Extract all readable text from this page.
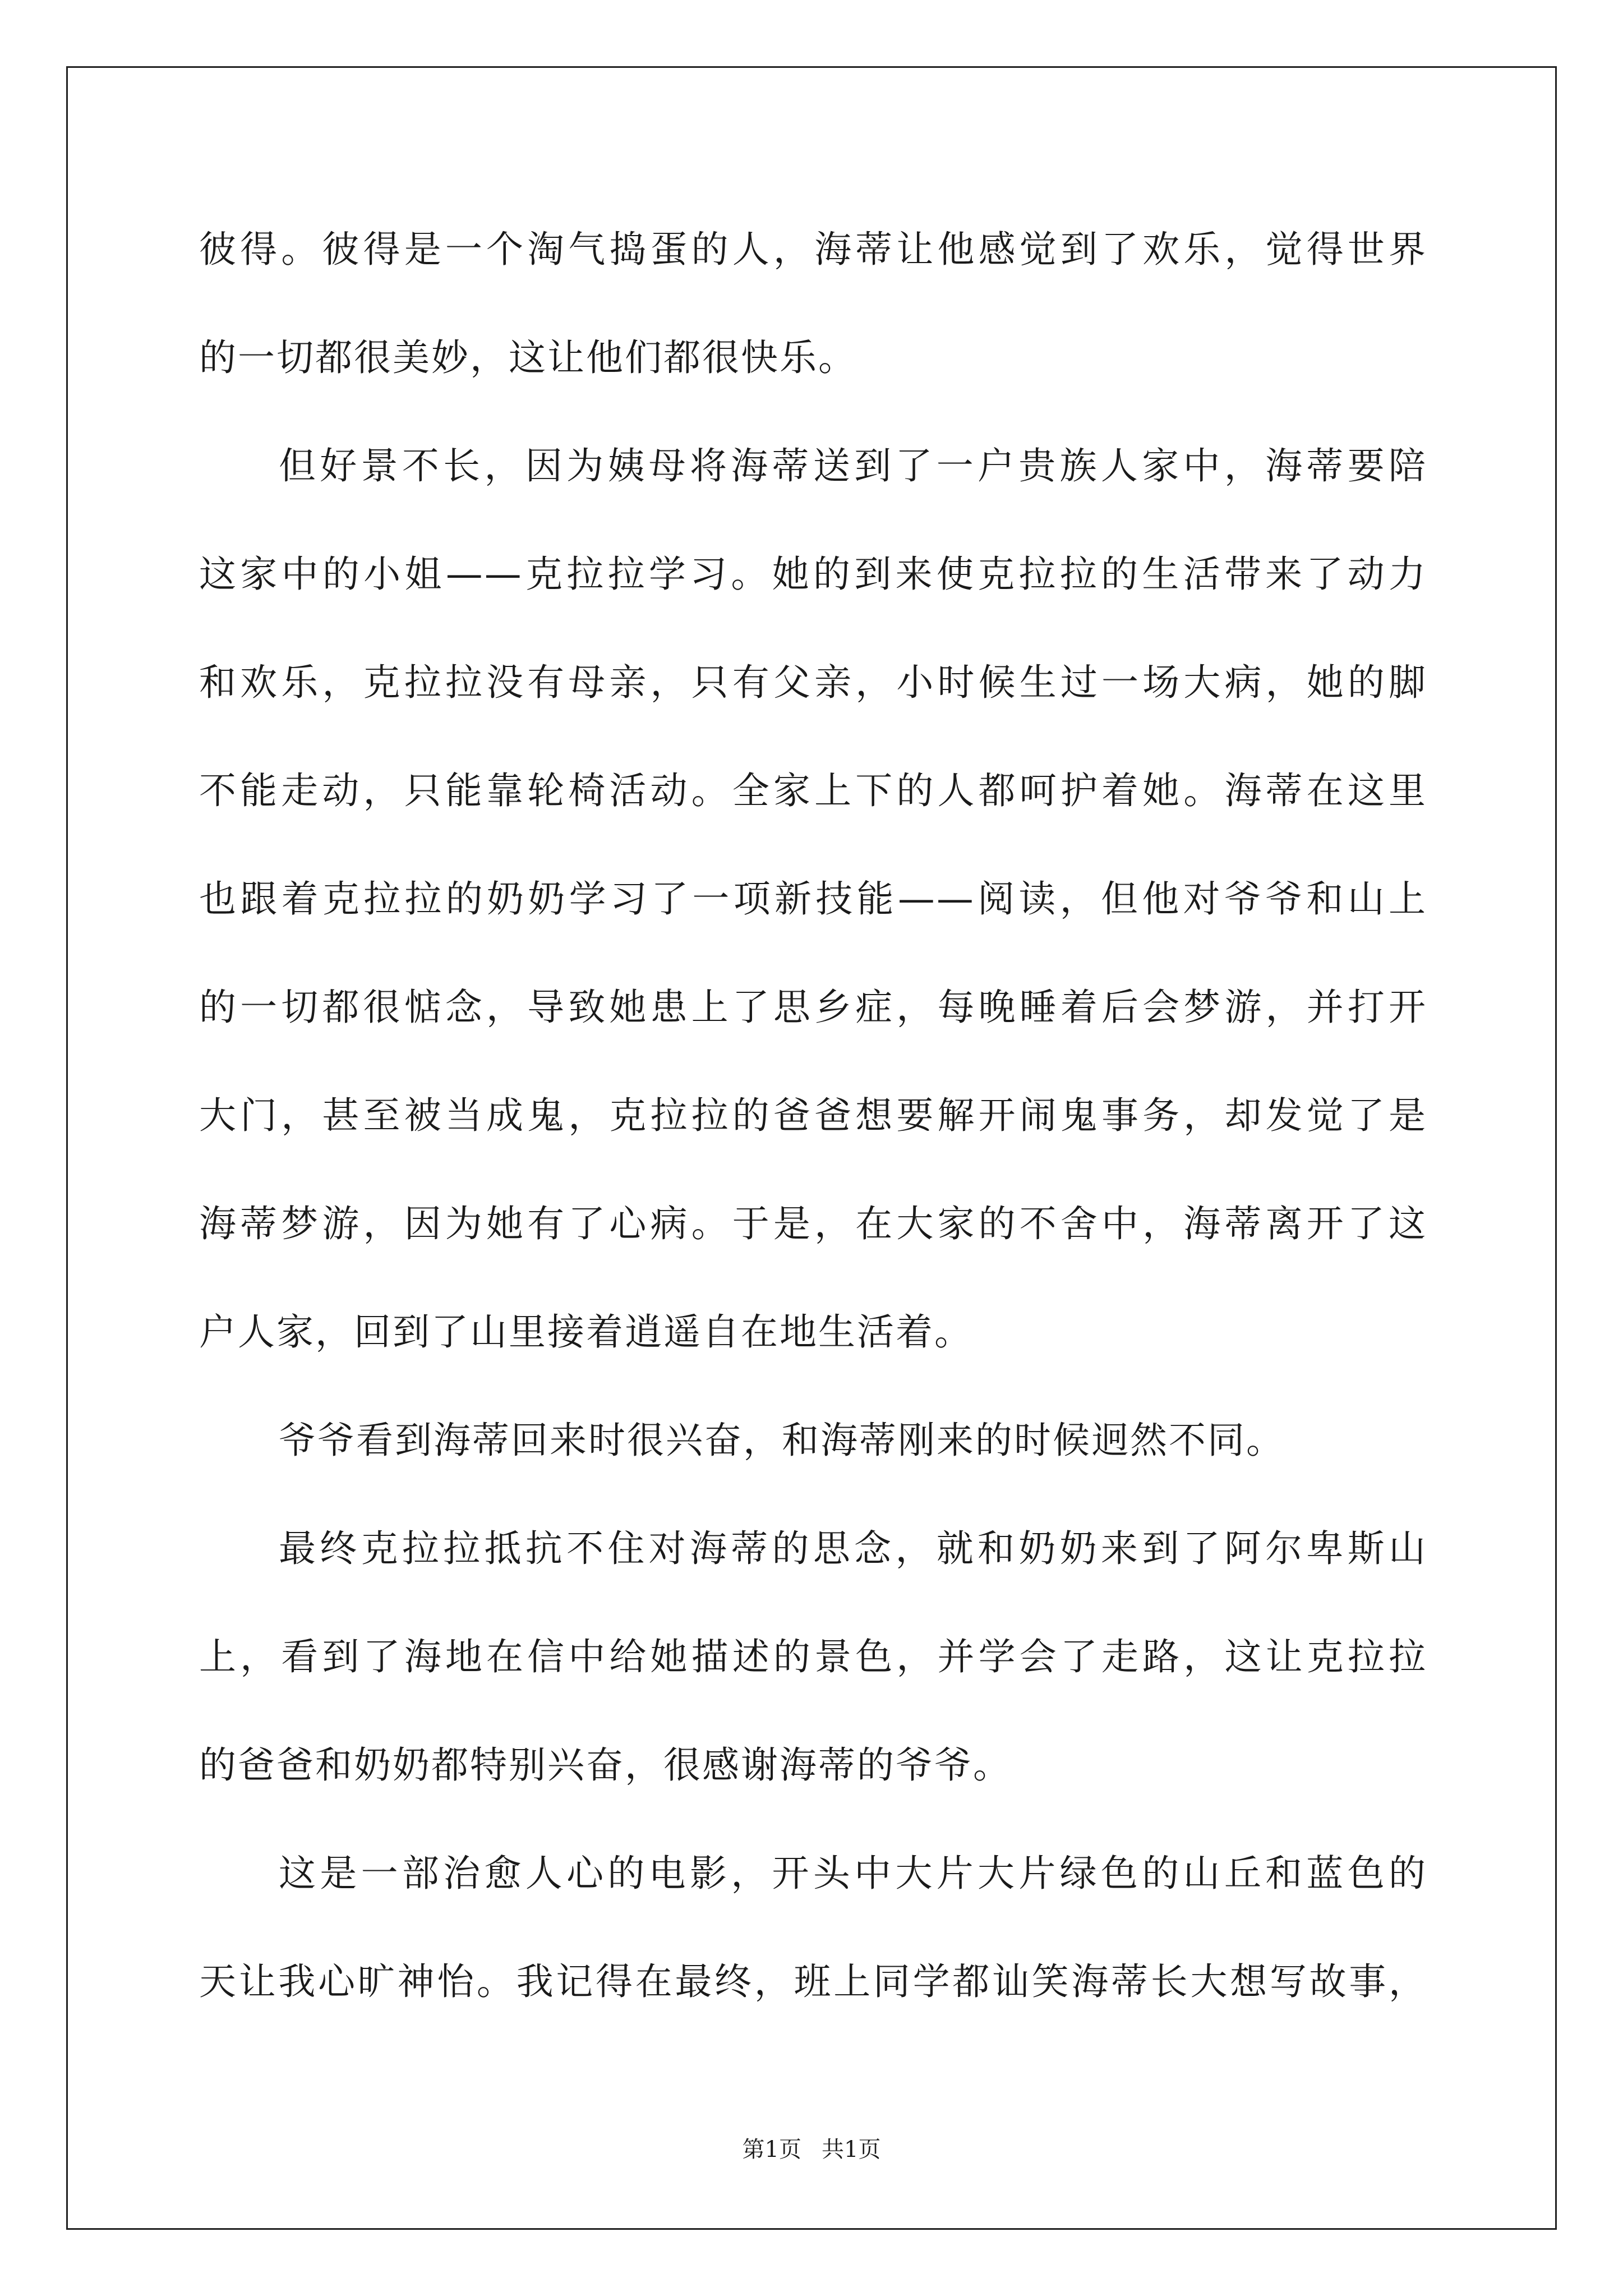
彼得。彼得是一个淘气捣蛋的人，海蒂让他感觉到了欢乐，觉得世界
的一切都很美妙，这让他们都很快乐。
但好景不长，因为姨母将海蒂送到了一户贵族人家中，海蒂要陪
这家中的小姐——克拉拉学习。她的到来使克拉拉的生活带来了动力
和欢乐，克拉拉没有母亲，只有父亲，小时候生过一场大病，她的脚
不能走动，只能靠轮椅活动。全家上下的人都呵护着她。海蒂在这里
也跟着克拉拉的奶奶学习了一项新技能——阅读，但他对爷爷和山上
的一切都很惦念，导致她患上了思乡症，每晚睡着后会梦游，并打开
大门，甚至被当成鬼，克拉拉的爸爸想要解开闹鬼事务，却发觉了是
海蒂梦游，因为她有了心病。于是，在大家的不舍中，海蒂离开了这
户人家，回到了山里接着逍遥自在地生活着。
爷爷看到海蒂回来时很兴奋，和海蒂刚来的时候迥然不同。
最终克拉拉抵抗不住对海蒂的思念，就和奶奶来到了阿尔卑斯山
上，看到了海地在信中给她描述的景色，并学会了走路，这让克拉拉
的爸爸和奶奶都特别兴奋，很感谢海蒂的爷爷。
这是一部治愈人心的电影，开头中大片大片绿色的山丘和蓝色的
天让我心旷神怡。我记得在最终，班上同学都讪笑海蒂长大想写故事，
第1页 共1页
